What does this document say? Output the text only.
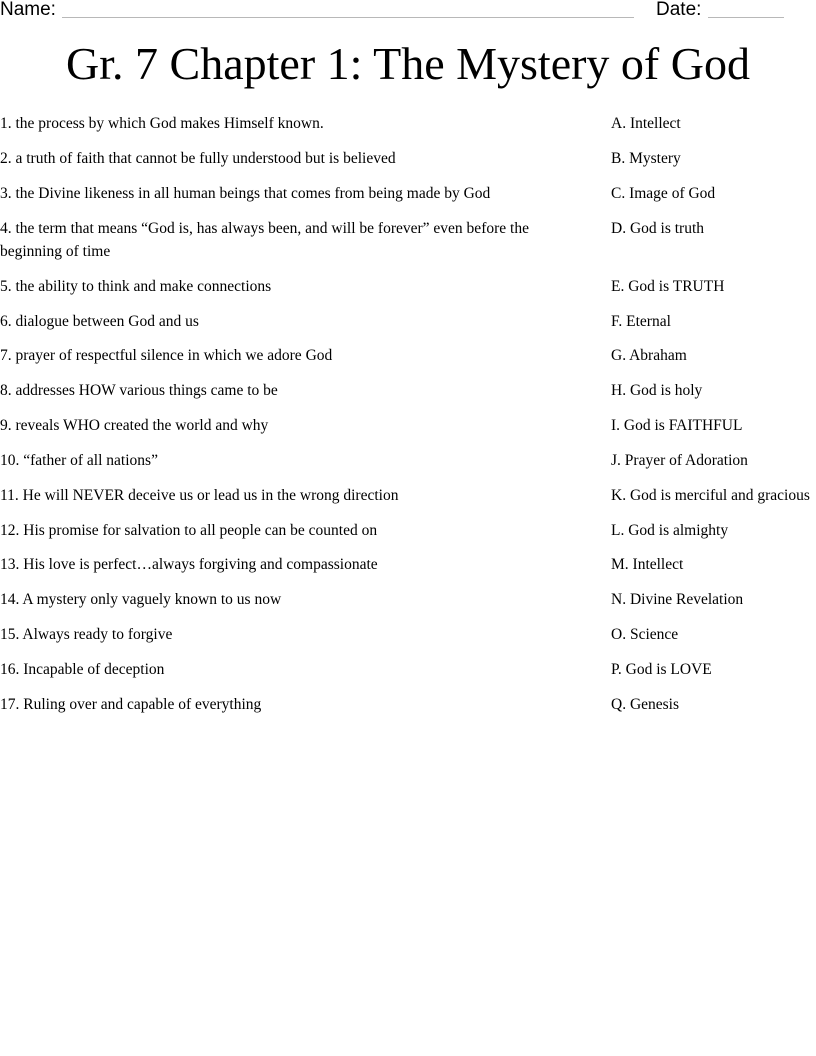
Name:	Date:
Gr. 7 Chapter 1: The Mystery of God
1. the process by which God makes Himself known.
2. a truth of faith that cannot be fully understood but is believed
3. the Divine likeness in all human beings that comes from being made by God
4. the term that means “God is, has always been, and will be forever” even before the beginning of time
5. the ability to think and make connections
6. dialogue between God and us
7. prayer of respectful silence in which we adore God
8. addresses HOW various things came to be
9. reveals WHO created the world and why
10. “father of all nations”
11. He will NEVER deceive us or lead us in the wrong direction
12. His promise for salvation to all people can be counted on
13. His love is perfect…always forgiving and compassionate
14. A mystery only vaguely known to us now
15. Always ready to forgive
16. Incapable of deception
17. Ruling over and capable of everything
A. Intellect
B. Mystery
C. Image of God
D. God is truth
E. God is TRUTH
F. Eternal
G. Abraham
H. God is holy
I. God is FAITHFUL
J. Prayer of Adoration
K. God is merciful and gracious
L. God is almighty
M. Intellect
N. Divine Revelation
O. Science
P. God is LOVE
Q. Genesis
